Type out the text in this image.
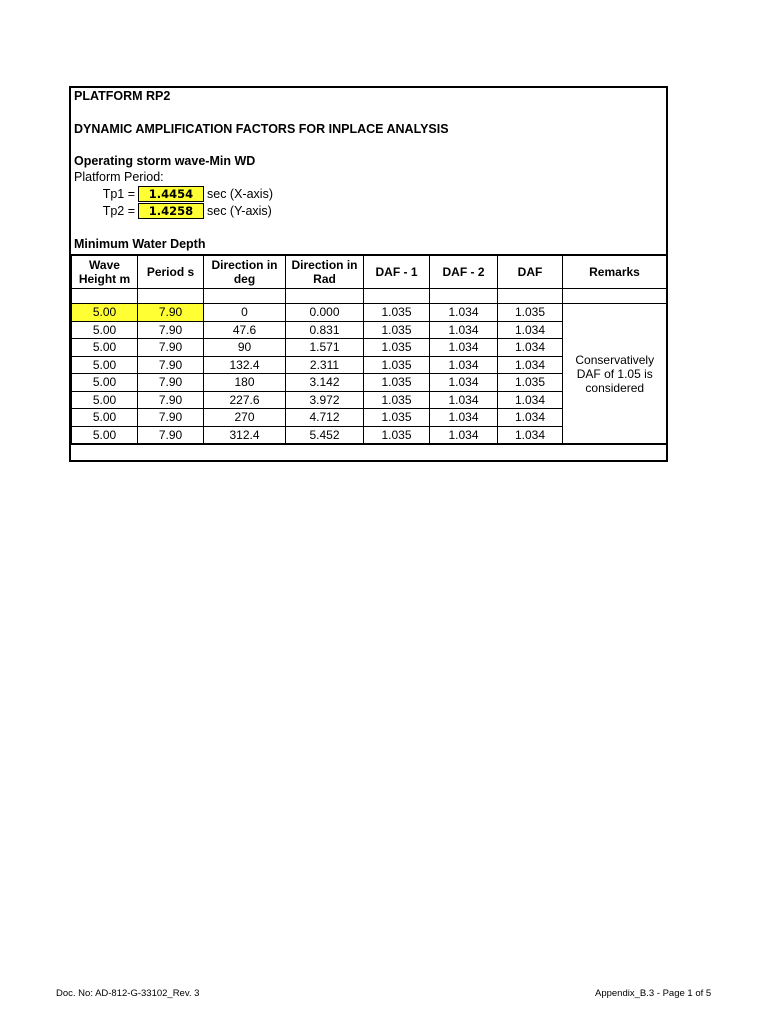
PLATFORM RP2
DYNAMIC AMPLIFICATION FACTORS FOR INPLACE ANALYSIS
Operating storm wave-Min WD
Platform Period:
Tp1 =	1.4454	sec (X-axis)
Tp2 =	1.4258	sec (Y-axis)
Minimum Water Depth
Wave
Height m	Period s	Direction in
deg	Direction in
Rad	DAF - 1	DAF - 2	DAF	Remarks

5.00	7.90	0	0.000	1.035	1.034	1.035	Conservatively DAF of 1.05 is considered
5.00	7.90	47.6	0.831	1.035	1.034	1.034	
5.00	7.90	90	1.571	1.035	1.034	1.034	
5.00	7.90	132.4	2.311	1.035	1.034	1.034	
5.00	7.90	180	3.142	1.035	1.034	1.035	
5.00	7.90	227.6	3.972	1.035	1.034	1.034	
5.00	7.90	270	4.712	1.035	1.034	1.034	
5.00	7.90	312.4	5.452	1.035	1.034	1.034	
Doc. No: AD-812-G-33102_Rev. 3	Appendix_B.3 - Page 1 of 5
